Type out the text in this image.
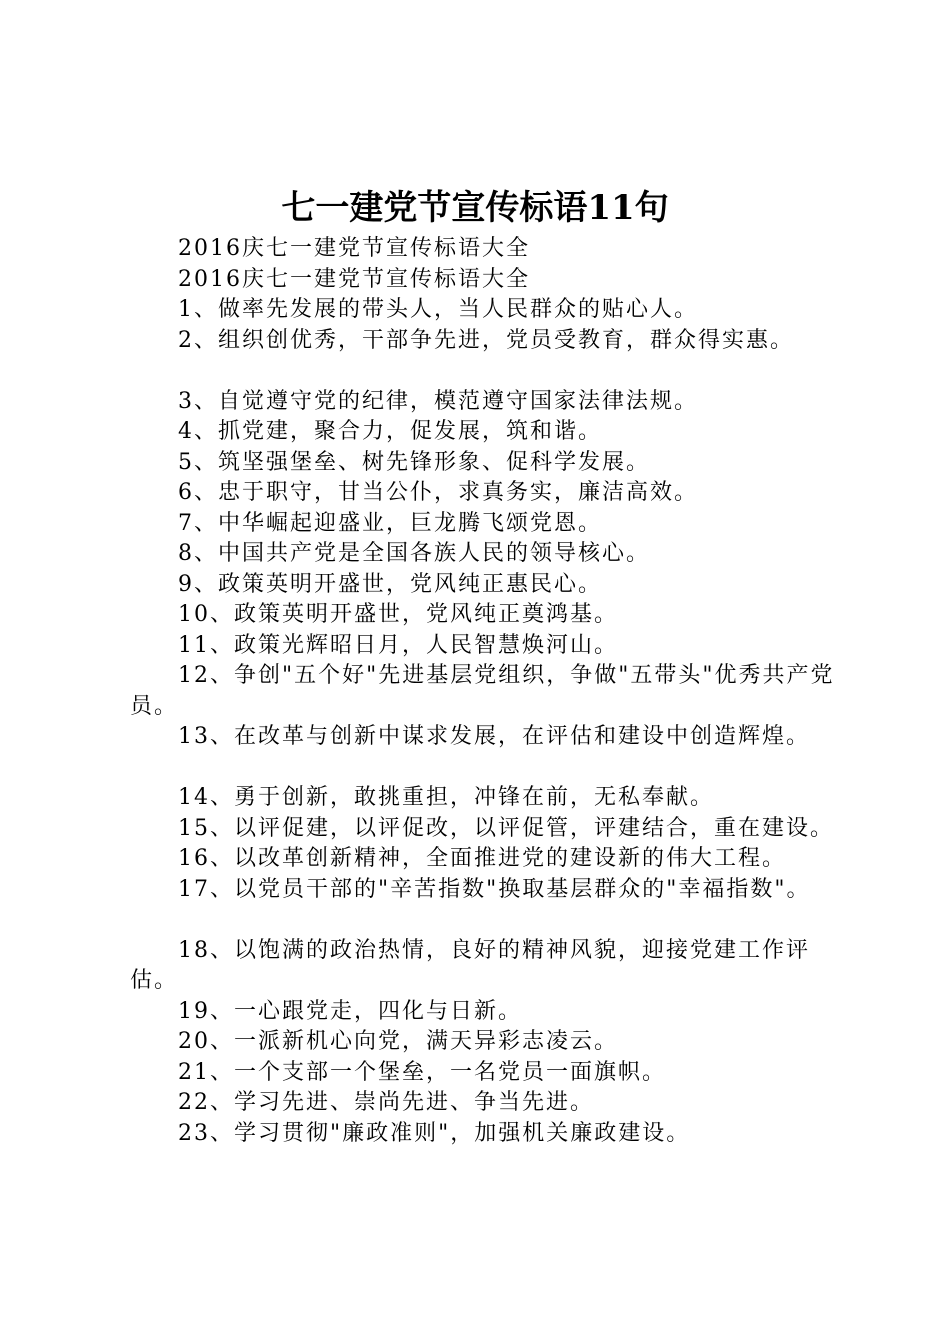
七一建党节宣传标语11句

2016庆七一建党节宣传标语大全

2016庆七一建党节宣传标语大全

1、做率先发展的带头人，当人民群众的贴心人。

2、组织创优秀，干部争先进，党员受教育，群众得实惠。

3、自觉遵守党的纪律，模范遵守国家法律法规。

4、抓党建，聚合力，促发展，筑和谐。

5、筑坚强堡垒、树先锋形象、促科学发展。

6、忠于职守，甘当公仆，求真务实，廉洁高效。

7、中华崛起迎盛业，巨龙腾飞颂党恩。

8、中国共产党是全国各族人民的领导核心。

9、政策英明开盛世，党风纯正惠民心。

10、政策英明开盛世，党风纯正奠鸿基。

11、政策光辉昭日月，人民智慧焕河山。

12、争创"五个好"先进基层党组织，争做"五带头"优秀共产党员。

13、在改革与创新中谋求发展，在评估和建设中创造辉煌。

14、勇于创新，敢挑重担，冲锋在前，无私奉献。

15、以评促建，以评促改，以评促管，评建结合，重在建设。

16、以改革创新精神，全面推进党的建设新的伟大工程。

17、以党员干部的"辛苦指数"换取基层群众的"幸福指数"。

18、以饱满的政治热情，良好的精神风貌，迎接党建工作评估。

19、一心跟党走，四化与日新。

20、一派新机心向党，满天异彩志凌云。

21、一个支部一个堡垒，一名党员一面旗帜。

22、学习先进、崇尚先进、争当先进。

23、学习贯彻"廉政准则"，加强机关廉政建设。
